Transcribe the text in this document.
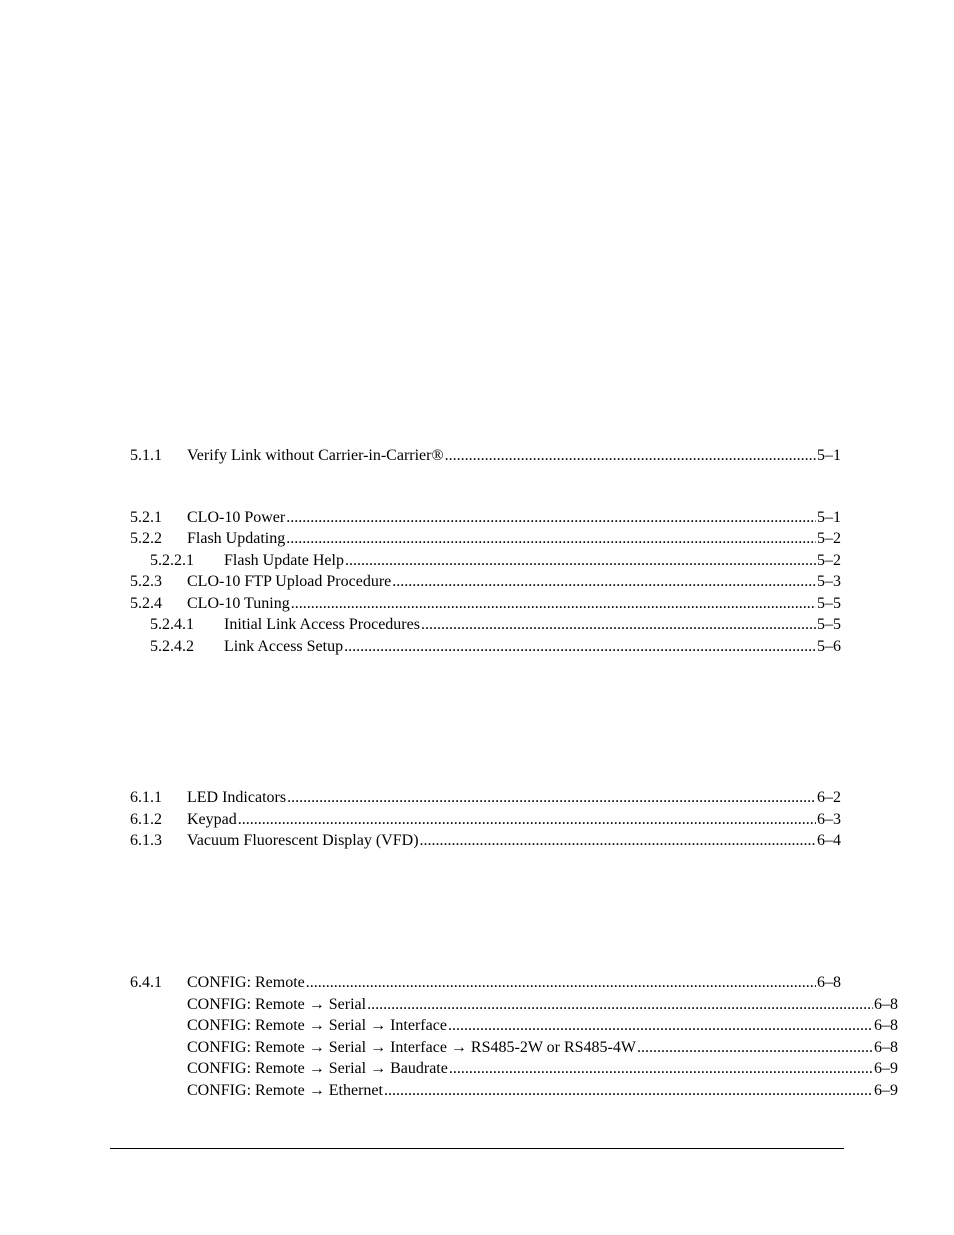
5.1.1	Verify Link without Carrier-in-Carrier® .....	5–1
5.2.1	CLO-10 Power .....	5–1
5.2.2	Flash Updating .....	5–2
5.2.2.1	Flash Update Help .....	5–2
5.2.3	CLO-10 FTP Upload Procedure .....	5–3
5.2.4	CLO-10 Tuning .....	5–5
5.2.4.1	Initial Link Access Procedures .....	5–5
5.2.4.2	Link Access Setup .....	5–6
6.1.1	LED Indicators .....	6–2
6.1.2	Keypad .....	6–3
6.1.3	Vacuum Fluorescent Display (VFD) .....	6–4
6.4.1	CONFIG: Remote .....	6–8
CONFIG: Remote → Serial .....	6–8
CONFIG: Remote → Serial → Interface .....	6–8
CONFIG: Remote → Serial → Interface → RS485-2W or RS485-4W .....	6–8
CONFIG: Remote → Serial → Baudrate .....	6–9
CONFIG: Remote → Ethernet .....	6–9
